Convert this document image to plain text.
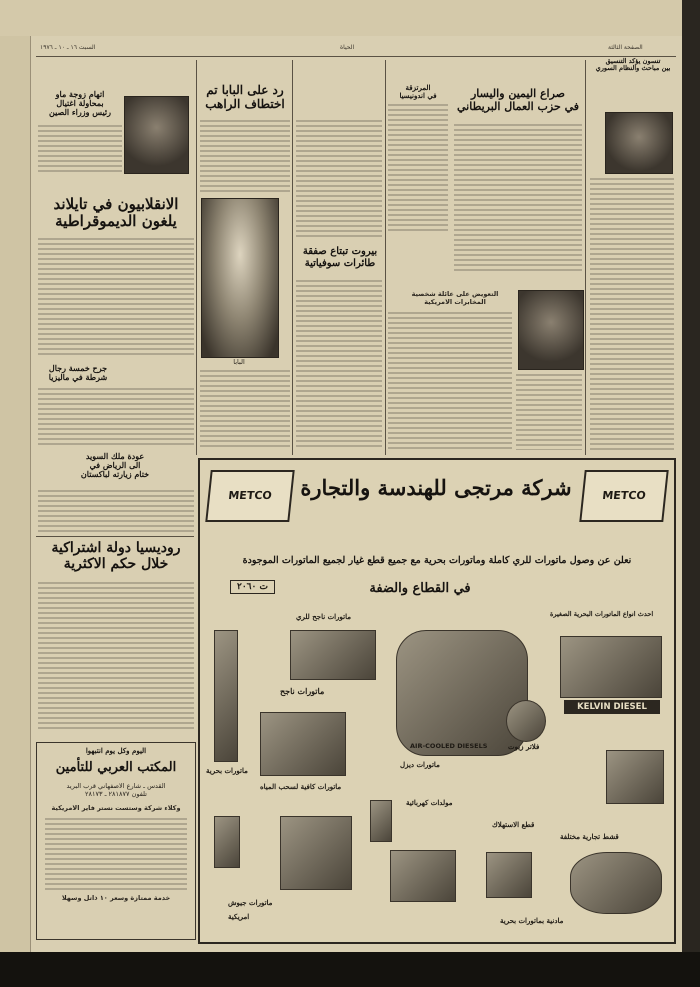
السبت ١٦ ـ ١٠ ـ ١٩٧٦	الحياة	الصفحة الثالثة
اتهام زوجة ماو
بمحاولة اغتيال
رئيس وزراء الصين
الانقلابيون في تايلاند
يلغون الديموقراطية
جرح خمسة رجال
شرطة في ماليزيا
عودة ملك السويد
الى الرياض في
ختام زيارته لباكستان
روديسيا دولة اشتراكية
خلال حكم الاكثرية
اليوم وكل يوم انتبهوا
المكتب العربي للتأمين
القدس ـ شارع الاصفهاني قرب البريد
تلفون ٢٨١٨٧٧ ـ ٢٨١٧٣
وكلاء شركة وستست نستر فاير الامريكية
خدمة ممتازة وسعر ١٠ ذاتل وسهلا
رد على البابا تم
اختطاف الراهب
البابا
بيروت تبتاع صفقة
طائرات سوفياتية
المرتزقة
في اندونيسيا	صراع اليمين واليسار
في حزب العمال البريطاني
التعويض على عائلة شخصية
المخابرات الامريكية
تنسون يؤكد التنسيق
بين مباحث والنظام السوري
METCO	METCO
شركة مرتجى للهندسة والتجارة
نعلن عن وصول ماتورات للري كاملة وماتورات بحرية مع جميع قطع غيار لجميع الماتورات الموجودة
في القطاع والضفة
ت ٢٠٦٠
ماتورات ناجح
ماتورات بحرية
ماتورات كافية لسحب المياه
ماتورات ديزل
مولدات كهربائية
قطع الاستهلاك
ماتورات ناجح للري
فلاتر زيوت
احدث انواع الماتورات البحرية الصغيرة
قشط تجارية مختلفة
ماتورات جيوش
امريكية	مادنية بماتورات بحرية
KELVIN DIESEL
AIR-COOLED DIESELS
